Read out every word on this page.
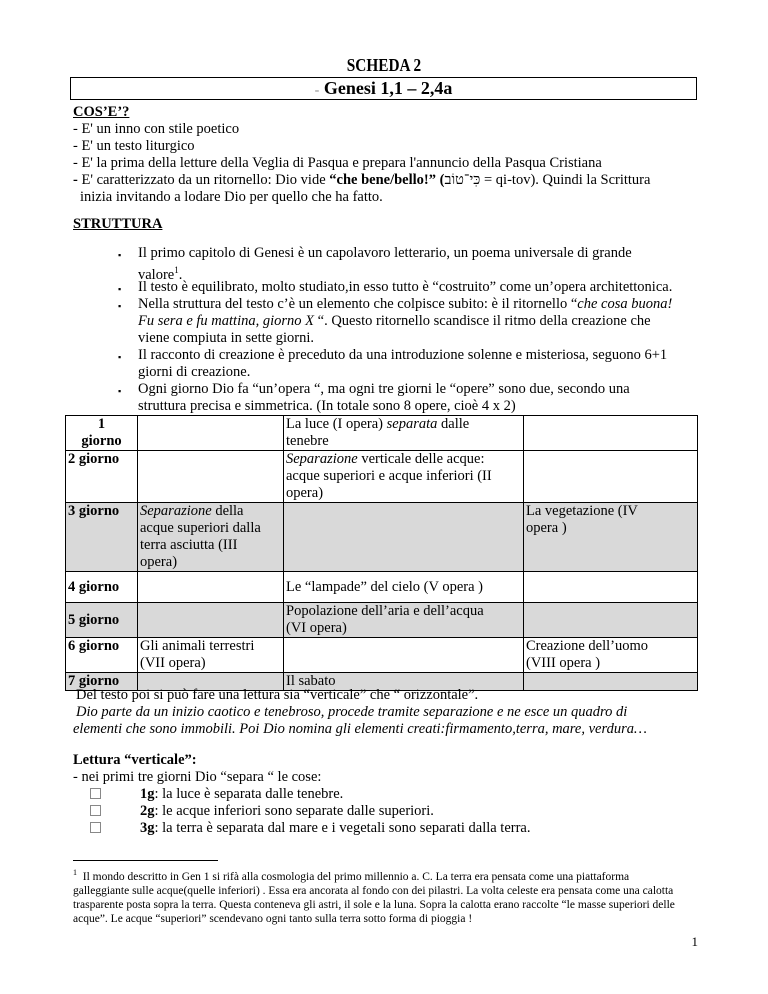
SCHEDA 2
- Genesi 1,1 – 2,4a
COS’E’?
- E' un inno con stile poetico
- E' un testo liturgico
- E' la prima della letture della Veglia di Pasqua e prepara l'annuncio della Pasqua Cristiana
- E' caratterizzato da un ritornello: Dio vide “che bene/bello!” (כִּי־טוֹב = qi-tov). Quindi la Scrittura
inizia invitando a lodare Dio per quello che ha fatto.
STRUTTURA
▪ Il primo capitolo di Genesi è un capolavoro letterario, un poema universale di grande
valore$^1$.
▪ Il testo è equilibrato, molto studiato,in esso tutto è “costruito” come un’opera architettonica.
▪ Nella struttura del testo c’è un elemento che colpisce subito: è il ritornello “che cosa buona!
Fu sera e fu mattina, giorno X “. Questo ritornello scandisce il ritmo della creazione che
viene compiuta in sette giorni.
▪ Il racconto di creazione è preceduto da una introduzione solenne e misteriosa, seguono 6+1
giorni di creazione.
▪ Ogni giorno Dio fa “un’opera “, ma ogni tre giorni le “opere” sono due, secondo una
struttura precisa e simmetrica. (In totale sono 8 opere, cioè 4 x 2)
1
giorno		La luce (I opera) separata dalle
tenebre	
2 giorno		Separazione verticale delle acque:
acque superiori e acque inferiori (II
opera)	
3 giorno	Separazione della
acque superiori dalla
terra asciutta (III
opera)		La vegetazione (IV
opera )
4 giorno		Le “lampade” del cielo (V opera )	
5 giorno		Popolazione dell’aria e dell’acqua
(VI opera)	
6 giorno	Gli animali terrestri
(VII opera)		Creazione dell’uomo
(VIII opera )
7 giorno		Il sabato	
Del testo poi si può fare una lettura sia “verticale” che “ orizzontale”.
Dio parte da un inizio caotico e tenebroso, procede tramite separazione e ne esce un quadro di
elementi che sono immobili. Poi Dio nomina gli elementi creati:firmamento,terra, mare, verdura…
Lettura “verticale”:
- nei primi tre giorni Dio “separa “ le cose:
1g: la luce è separata dalle tenebre.
2g: le acque inferiori sono separate dalle superiori.
3g: la terra è separata dal mare e i vegetali sono separati dalla terra.
$^1$ Il mondo descritto in Gen 1 si rifà alla cosmologia del primo millennio a. C. La terra era pensata come una piattaforma
galleggiante sulle acque(quelle inferiori) . Essa era ancorata al fondo con dei pilastri. La volta celeste era pensata come una calotta
trasparente posta sopra la terra. Questa conteneva gli astri, il sole e la luna. Sopra la calotta erano raccolte “le masse superiori delle
acque”. Le acque “superiori” scendevano ogni tanto sulla terra sotto forma di pioggia !
1
